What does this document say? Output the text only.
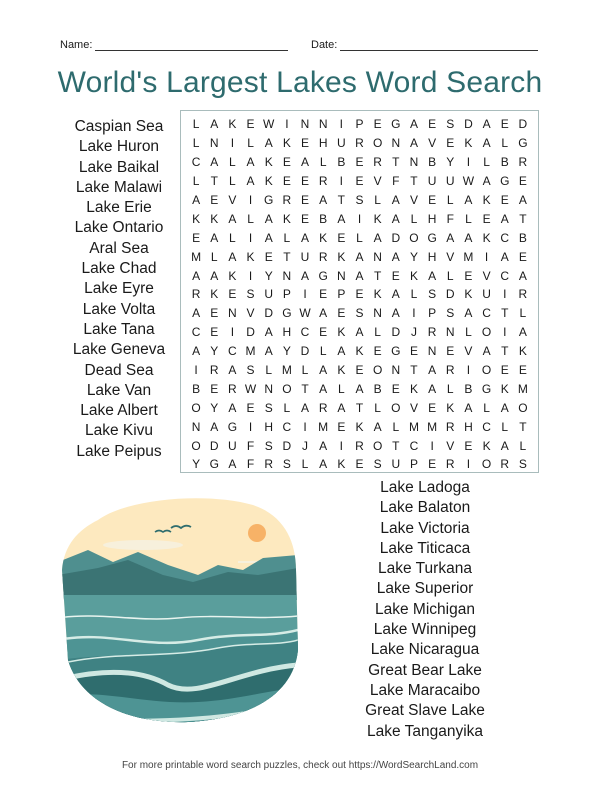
Name:	Date:
World's Largest Lakes Word Search
Caspian Sea
Lake Huron
Lake Baikal
Lake Malawi
Lake Erie
Lake Ontario
Aral Sea
Lake Chad
Lake Eyre
Lake Volta
Lake Tana
Lake Geneva
Dead Sea
Lake Van
Lake Albert
Lake Kivu
Lake Peipus
L A K E W I	N N	I	P E G A E S D A E D
L N	I	L A K E H U R O N A V E K A L G
C A L A K E A L B E R T N B Y	I	L B R
L T L A K E E R	I	E V F T U U W A G E
A E V	I G R E A T S L A V E L A K E A
K K A L A K E B A	I	K A L H F L E A T
E A L	I	A L A K E L A D O G A A K C B
M L A K E T U R K A N A Y H V M I	A E
A A K	I	Y N A G N A T E K A L E V C A
R K E S U P	I	E P E K A L S D K U	I	R
A E N V D G W A E S N A	I	P S A C T L
C E	I	D A H C E K A L D J R N L O I	A
A Y C M A Y D L A K E G E N E V A T K
I	R A S L M L A K E O N T A R	I O E E
B E R W N O T A L A B E K A L B G K M
O Y A E S L A R A T L O V E K A L A O
N A G I	H C	I M E K A L M M R H C L T
O D U F S D J A	I	R O T C	I	V E K A L
Y G A F R S L A K E S U P E R	I O R S
Lake Ladoga
Lake Balaton
Lake Victoria
Lake Titicaca
Lake Turkana
Lake Superior
Lake Michigan
Lake Winnipeg
Lake Nicaragua
Great Bear Lake
Lake Maracaibo
Great Slave Lake
Lake Tanganyika
For more printable word search puzzles, check out https://WordSearchLand.com
